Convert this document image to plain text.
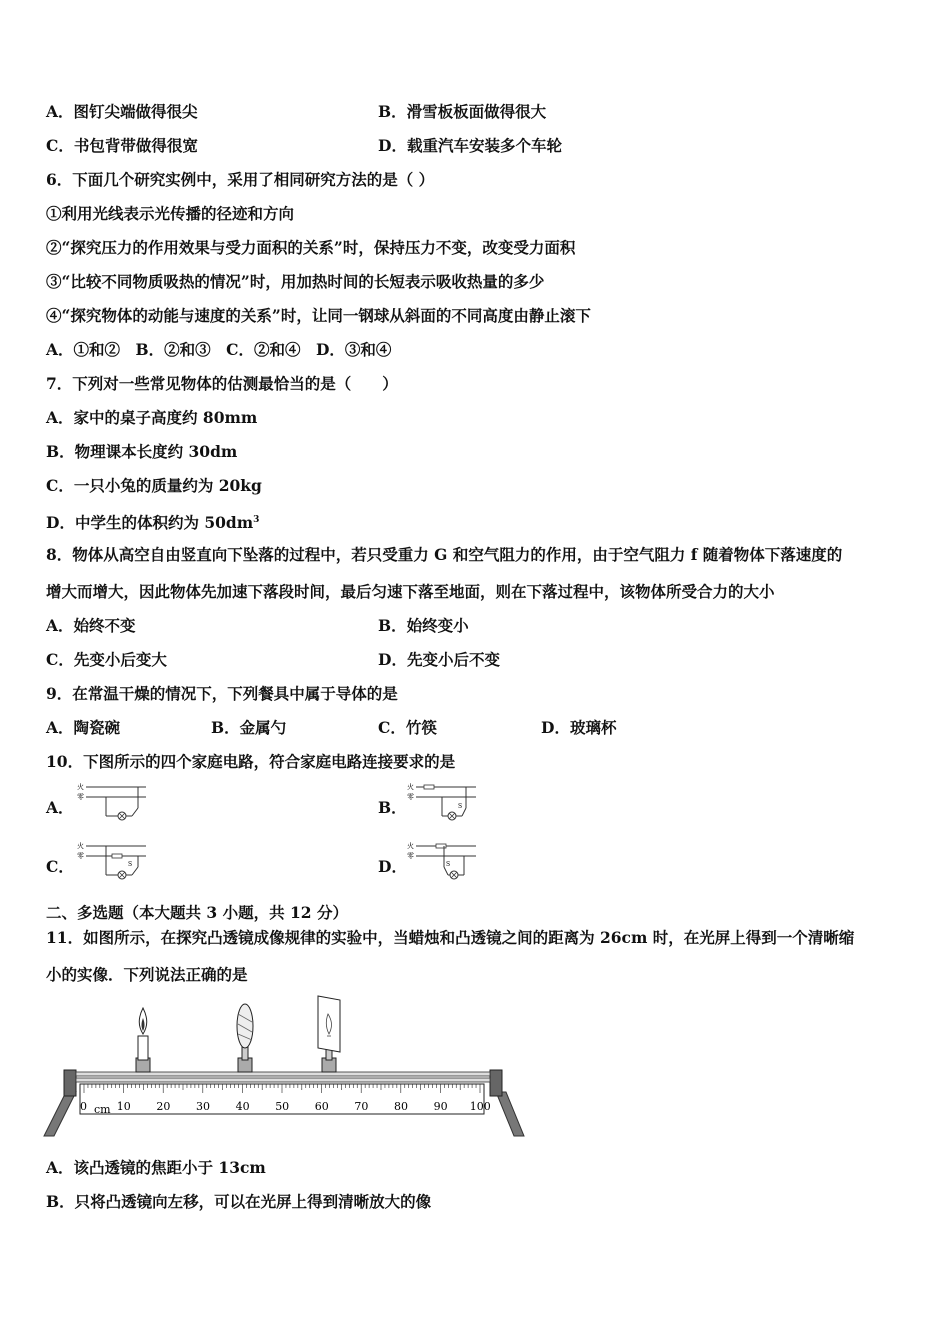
A．图钉尖端做得很尖	B．滑雪板板面做得很大
C．书包背带做得很宽	D．载重汽车安装多个车轮
6．下面几个研究实例中，采用了相同研究方法的是（ ）
①利用光线表示光传播的径迹和方向
②“探究压力的作用效果与受力面积的关系”时，保持压力不变，改变受力面积
③“比较不同物质吸热的情况”时，用加热时间的长短表示吸收热量的多少
④“探究物体的动能与速度的关系”时，让同一钢球从斜面的不同高度由静止滚下
A．①和②　B．②和③　C．②和④　D．③和④
7．下列对一些常见物体的估测最恰当的是（　　）
A．家中的桌子高度约 80mm
B．物理课本长度约 30dm
C．一只小兔的质量约为 20kg
D．中学生的体积约为 $50dm^3$
8．物体从高空自由竖直向下坠落的过程中，若只受重力 G 和空气阻力的作用，由于空气阻力 f 随着物体下落速度的
增大而增大，因此物体先加速下落段时间，最后匀速下落至地面，则在下落过程中，该物体所受合力的大小
A．始终不变	B．始终变小
C．先变小后变大	D．先变小后不变
9．在常温干燥的情况下，下列餐具中属于导体的是
A．陶瓷碗	B．金属勺	C．竹筷	D．玻璃杯
10．下图所示的四个家庭电路，符合家庭电路连接要求的是
A．
火
零
B．
火
零
S
C．
火
零
S	D．
火
零
S
二、多选题（本大题共 3 小题，共 12 分）
11．如图所示，在探究凸透镜成像规律的实验中，当蜡烛和凸透镜之间的距离为 26cm 时，在光屏上得到一个清晰缩
小的实像．下列说法正确的是
0	10 20 30 40 50 60 70 80 90 100
cm
A．该凸透镜的焦距小于 13cm
B．只将凸透镜向左移，可以在光屏上得到清晰放大的像
